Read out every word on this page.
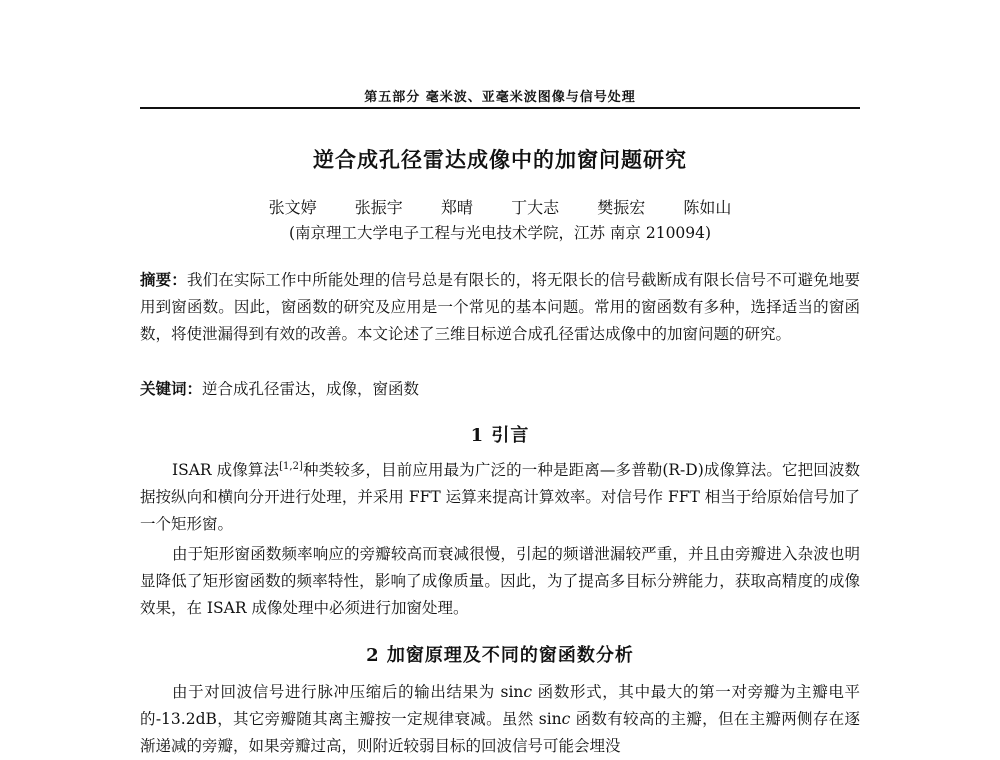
第五部分 毫米波、亚毫米波图像与信号处理
逆合成孔径雷达成像中的加窗问题研究
张文婷  张振宇  郑晴  丁大志  樊振宏  陈如山
(南京理工大学电子工程与光电技术学院，江苏 南京 210094)
摘要：我们在实际工作中所能处理的信号总是有限长的，将无限长的信号截断成有限长信号不可避免地要用到窗函数。因此，窗函数的研究及应用是一个常见的基本问题。常用的窗函数有多种，选择适当的窗函数，将使泄漏得到有效的改善。本文论述了三维目标逆合成孔径雷达成像中的加窗问题的研究。
关键词：逆合成孔径雷达，成像，窗函数
1 引言
ISAR 成像算法[1,2]种类较多，目前应用最为广泛的一种是距离—多普勒(R-D)成像算法。它把回波数据按纵向和横向分开进行处理，并采用 FFT 运算来提高计算效率。对信号作 FFT 相当于给原始信号加了一个矩形窗。
由于矩形窗函数频率响应的旁瓣较高而衰减很慢，引起的频谱泄漏较严重，并且由旁瓣进入杂波也明显降低了矩形窗函数的频率特性，影响了成像质量。因此，为了提高多目标分辨能力，获取高精度的成像效果，在 ISAR 成像处理中必须进行加窗处理。
2 加窗原理及不同的窗函数分析
由于对回波信号进行脉冲压缩后的输出结果为 sinc 函数形式，其中最大的第一对旁瓣为主瓣电平的-13.2dB，其它旁瓣随其离主瓣按一定规律衰减。虽然 sinc 函数有较高的主瓣，但在主瓣两侧存在逐渐递减的旁瓣，如果旁瓣过高，则附近较弱目标的回波信号可能会埋没
